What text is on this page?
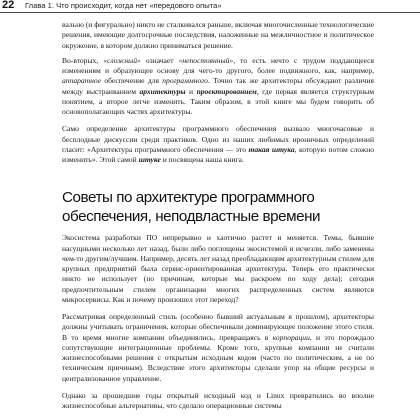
22 Глава 1. Что происходит, когда нет «передового опыта»

вально (и фигурально) никто не сталкивался раньше, включая многочисленные технологические решения, имеющие долгосрочные последствия, наложенные на межличностное и политическое окружение, в котором должно приниматься решение.

Во-вторых, «сложный» означает «непостоянный», то есть нечто с трудом поддающееся изменениям и образующее основу для чего-то другого, более подвижного, как, например, аппаратное обеспечение для программного. Точно так же архитекторы обсуждают различия между выстраиванием архитектуры и проектированием, где первая является структурным понятием, а второе легче изменить. Таким образом, в этой книге мы будем говорить об основополагающих частях архитектуры.

Само определение архитектуры программного обеспечения вызвало многочасовые и бесплодные дискуссии среди практиков. Одно из наших любимых ироничных определений гласит: «Архитектура программного обеспечения — это такая штука, которую потом сложно изменить». Этой самой штуке и посвящена наша книга.

Советы по архитектуре программного обеспечения, неподвластные времени

Экосистема разработки ПО непрерывно и хаотично растет и меняется. Темы, бывшие насущными несколько лет назад, были либо поглощены экосистемой и исчезли, либо заменены чем-то другим/лучшим. Например, десять лет назад преобладающим архитектурным стилем для крупных предприятий была сервис-ориентированная архитектура. Теперь его практически никто не использует (по причинам, которые мы раскроем по ходу дела); сегодня предпочтительным стилем организации многих распределенных систем являются микросервисы. Как и почему произошел этот переход?

Рассматривая определенный стиль (особенно бывший актуальным в прошлом), архитекторы должны учитывать ограничения, которые обеспечивали доминирующее положение этого стиля. В то время многие компании объединялись, превращаясь в корпорации, и это порождало сопутствующие интеграционные проблемы. Кроме того, крупные компании не считали жизнеспособными решения с открытым исходным кодом (часто по политическим, а не по техническим причинам). Вследствие этого архитекторы сделали упор на общие ресурсы и централизованное управление.

Однако за прошедшие годы открытый исходный код и Linux превратились во вполне жизнеспособные альтернативы, что сделало операционные системы
